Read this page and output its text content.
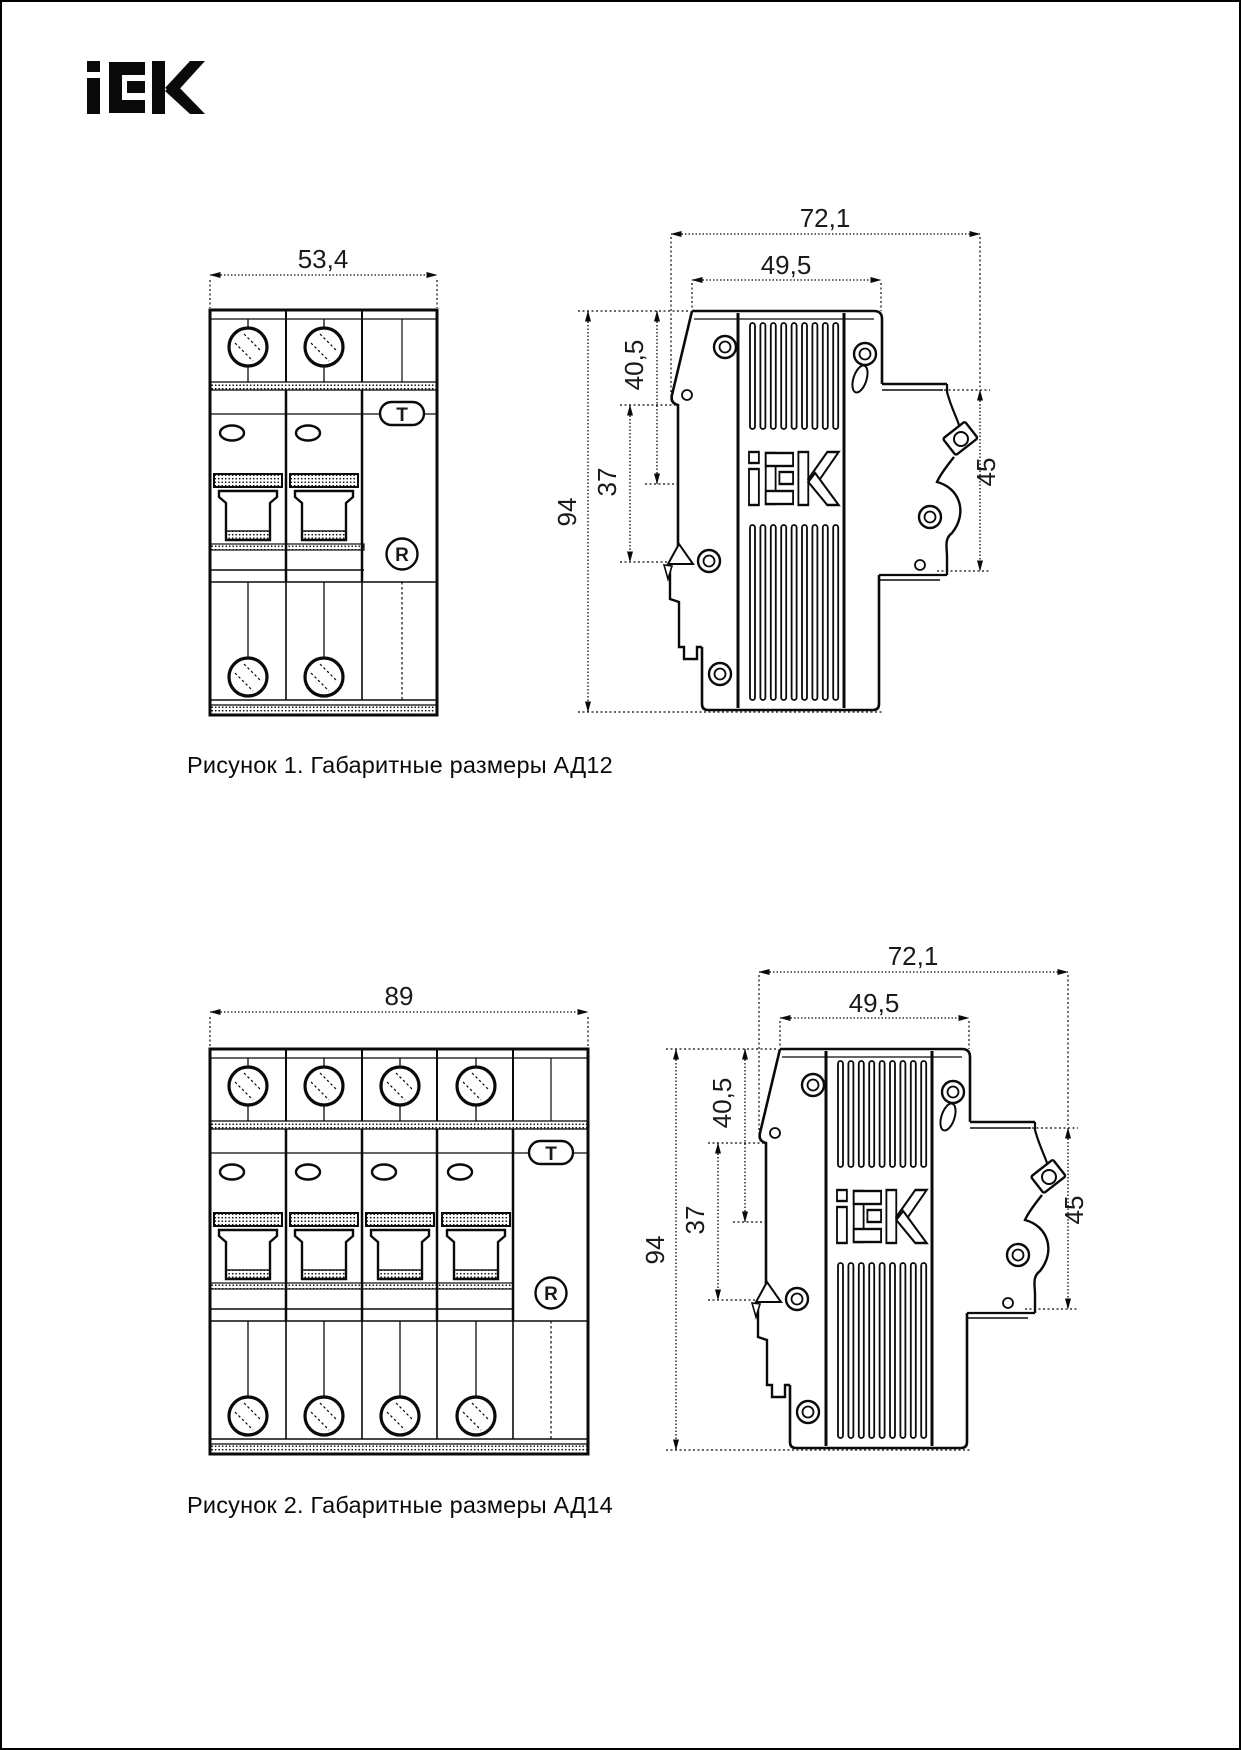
53,4
T
R
72,1
49,5
94
40,5
37	45
Рисунок 1. Габаритные размеры АД12
89
T
R
72,1
49,5
94
40,5
37	45
Рисунок 2. Габаритные размеры АД14
